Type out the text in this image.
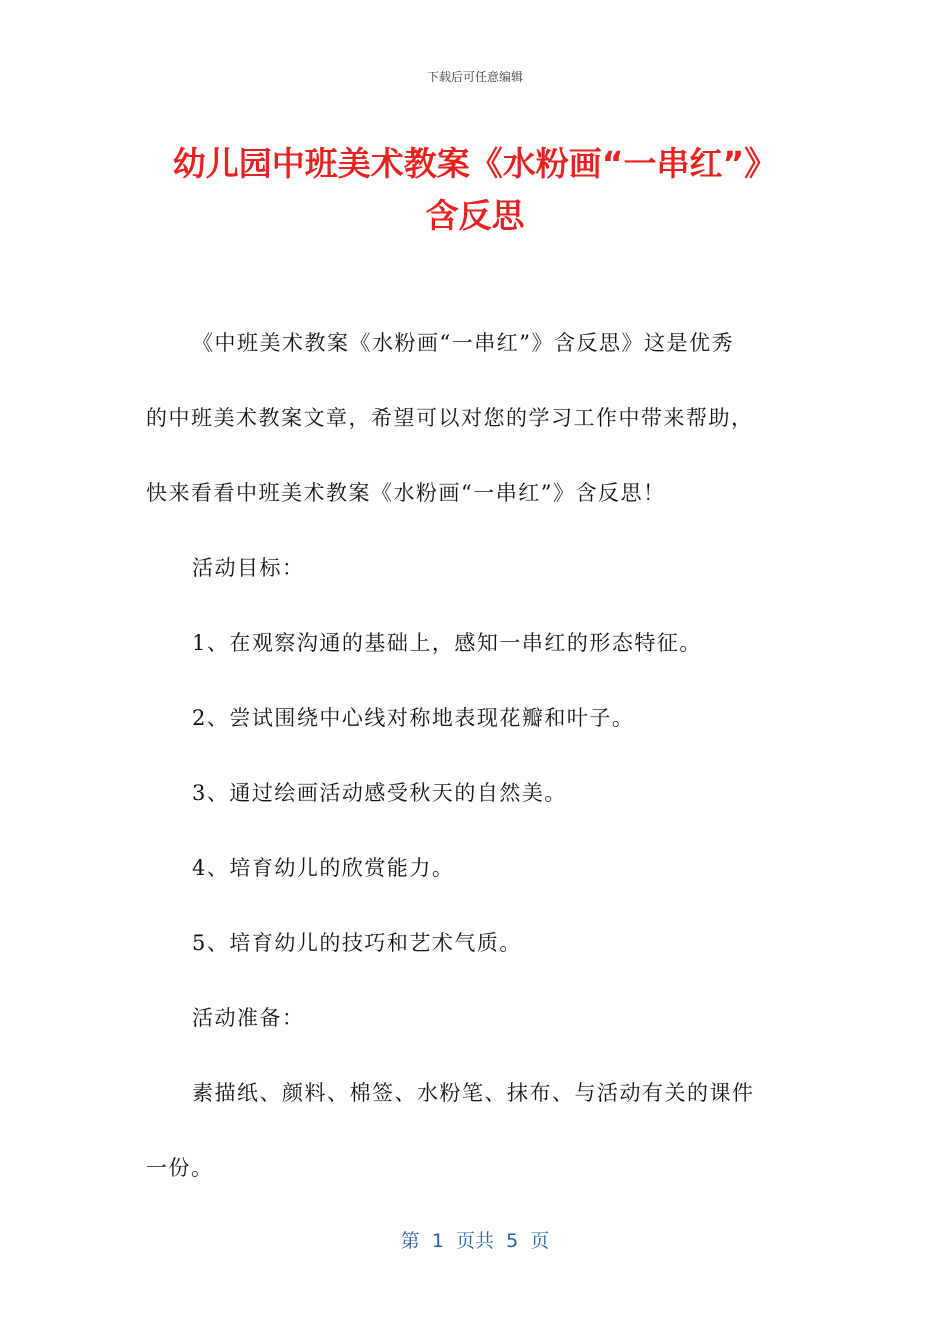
下载后可任意编辑
幼儿园中班美术教案《水粉画“一串红”》
含反思
《中班美术教案《水粉画“一串红”》含反思》这是优秀
的中班美术教案文章，希望可以对您的学习工作中带来帮助，
快来看看中班美术教案《水粉画“一串红”》含反思！
活动目标：
1、在观察沟通的基础上，感知一串红的形态特征。
2、尝试围绕中心线对称地表现花瓣和叶子。
3、通过绘画活动感受秋天的自然美。
4、培育幼儿的欣赏能力。
5、培育幼儿的技巧和艺术气质。
活动准备：
素描纸、颜料、棉签、水粉笔、抹布、与活动有关的课件
一份。
第  1  页共  5  页
